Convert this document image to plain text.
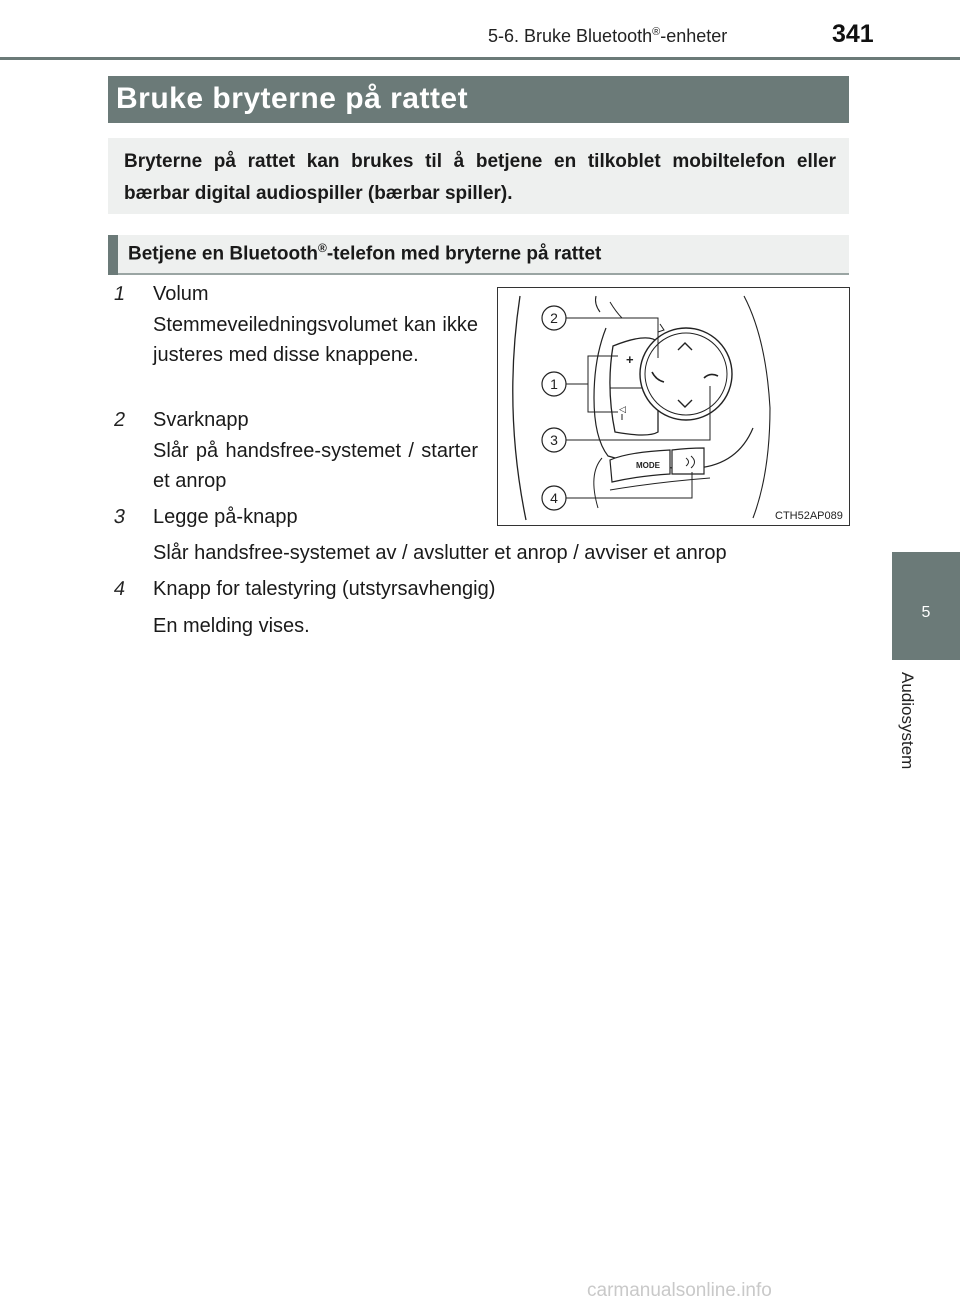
5-6. Bruke Bluetooth®-enheter	341
5
Audiosystem
Bruke bryterne på rattet
Bryterne på rattet kan brukes til å betjene en tilkoblet mobiltelefon eller bærbar digital audiospiller (bærbar spiller).
Betjene en Bluetooth®-telefon med bryterne på rattet
1 Volum
Stemmeveiledningsvolumet kan ikke justeres med disse knappene.
2 Svarknapp
Slår på handsfree-systemet / starter et anrop
3 Legge på-knapp
Slår handsfree-systemet av / avslutter et anrop / avviser et anrop
4 Knapp for talestyring (utstyrsavhengig)
En melding vises.
+
◁
MODE
2
1
3
4
CTH52AP089
carmanualsonline.info
